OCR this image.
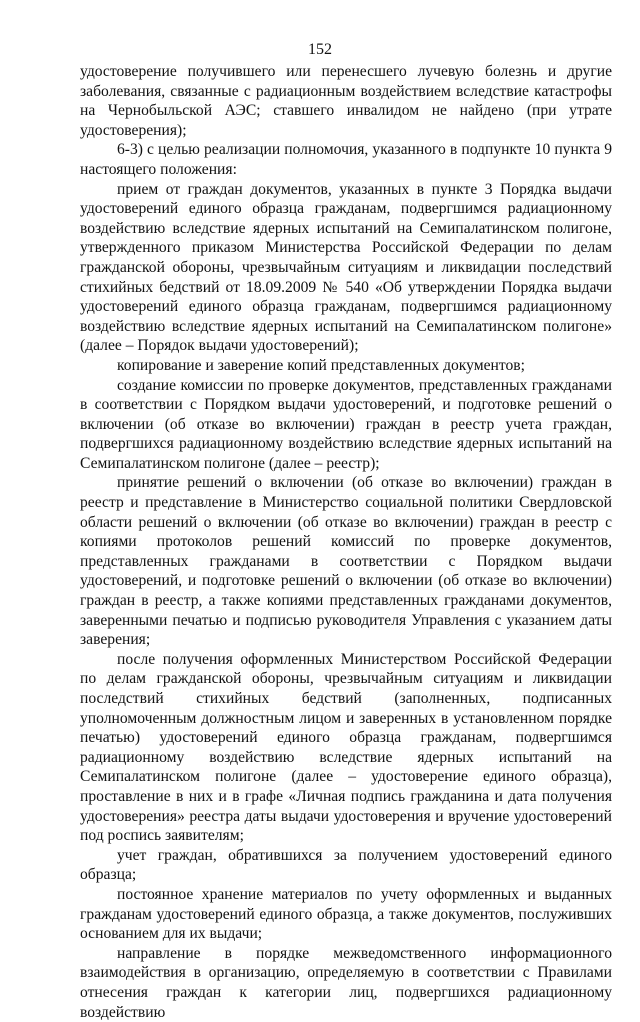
152

удостоверение получившего или перенесшего лучевую болезнь и другие заболевания, связанные с радиационным воздействием вследствие катастрофы на Чернобыльской АЭС; ставшего инвалидом не найдено (при утрате удостоверения);

6-3) с целью реализации полномочия, указанного в подпункте 10 пункта 9 настоящего положения:

прием от граждан документов, указанных в пункте 3 Порядка выдачи удостоверений единого образца гражданам, подвергшимся радиационному воздействию вследствие ядерных испытаний на Семипалатинском полигоне, утвержденного приказом Министерства Российской Федерации по делам гражданской обороны, чрезвычайным ситуациям и ликвидации последствий стихийных бедствий от 18.09.2009 № 540 «Об утверждении Порядка выдачи удостоверений единого образца гражданам, подвергшимся радиационному воздействию вследствие ядерных испытаний на Семипалатинском полигоне» (далее – Порядок выдачи удостоверений);

копирование и заверение копий представленных документов;

создание комиссии по проверке документов, представленных гражданами в соответствии с Порядком выдачи удостоверений, и подготовке решений о включении (об отказе во включении) граждан в реестр учета граждан, подвергшихся радиационному воздействию вследствие ядерных испытаний на Семипалатинском полигоне (далее – реестр);

принятие решений о включении (об отказе во включении) граждан в реестр и представление в Министерство социальной политики Свердловской области решений о включении (об отказе во включении) граждан в реестр с копиями протоколов решений комиссий по проверке документов, представленных гражданами в соответствии с Порядком выдачи удостоверений, и подготовке решений о включении (об отказе во включении) граждан в реестр, а также копиями представленных гражданами документов, заверенными печатью и подписью руководителя Управления с указанием даты заверения;

после получения оформленных Министерством Российской Федерации по делам гражданской обороны, чрезвычайным ситуациям и ликвидации последствий стихийных бедствий (заполненных, подписанных уполномоченным должностным лицом и заверенных в установленном порядке печатью) удостоверений единого образца гражданам, подвергшимся радиационному воздействию вследствие ядерных испытаний на Семипалатинском полигоне (далее – удостоверение единого образца), проставление в них и в графе «Личная подпись гражданина и дата получения удостоверения» реестра даты выдачи удостоверения и вручение удостоверений под роспись заявителям;

учет граждан, обратившихся за получением удостоверений единого образца;

постоянное хранение материалов по учету оформленных и выданных гражданам удостоверений единого образца, а также документов, послуживших основанием для их выдачи;

направление в порядке межведомственного информационного взаимодействия в организацию, определяемую в соответствии с Правилами отнесения граждан к категории лиц, подвергшихся радиационному воздействию
